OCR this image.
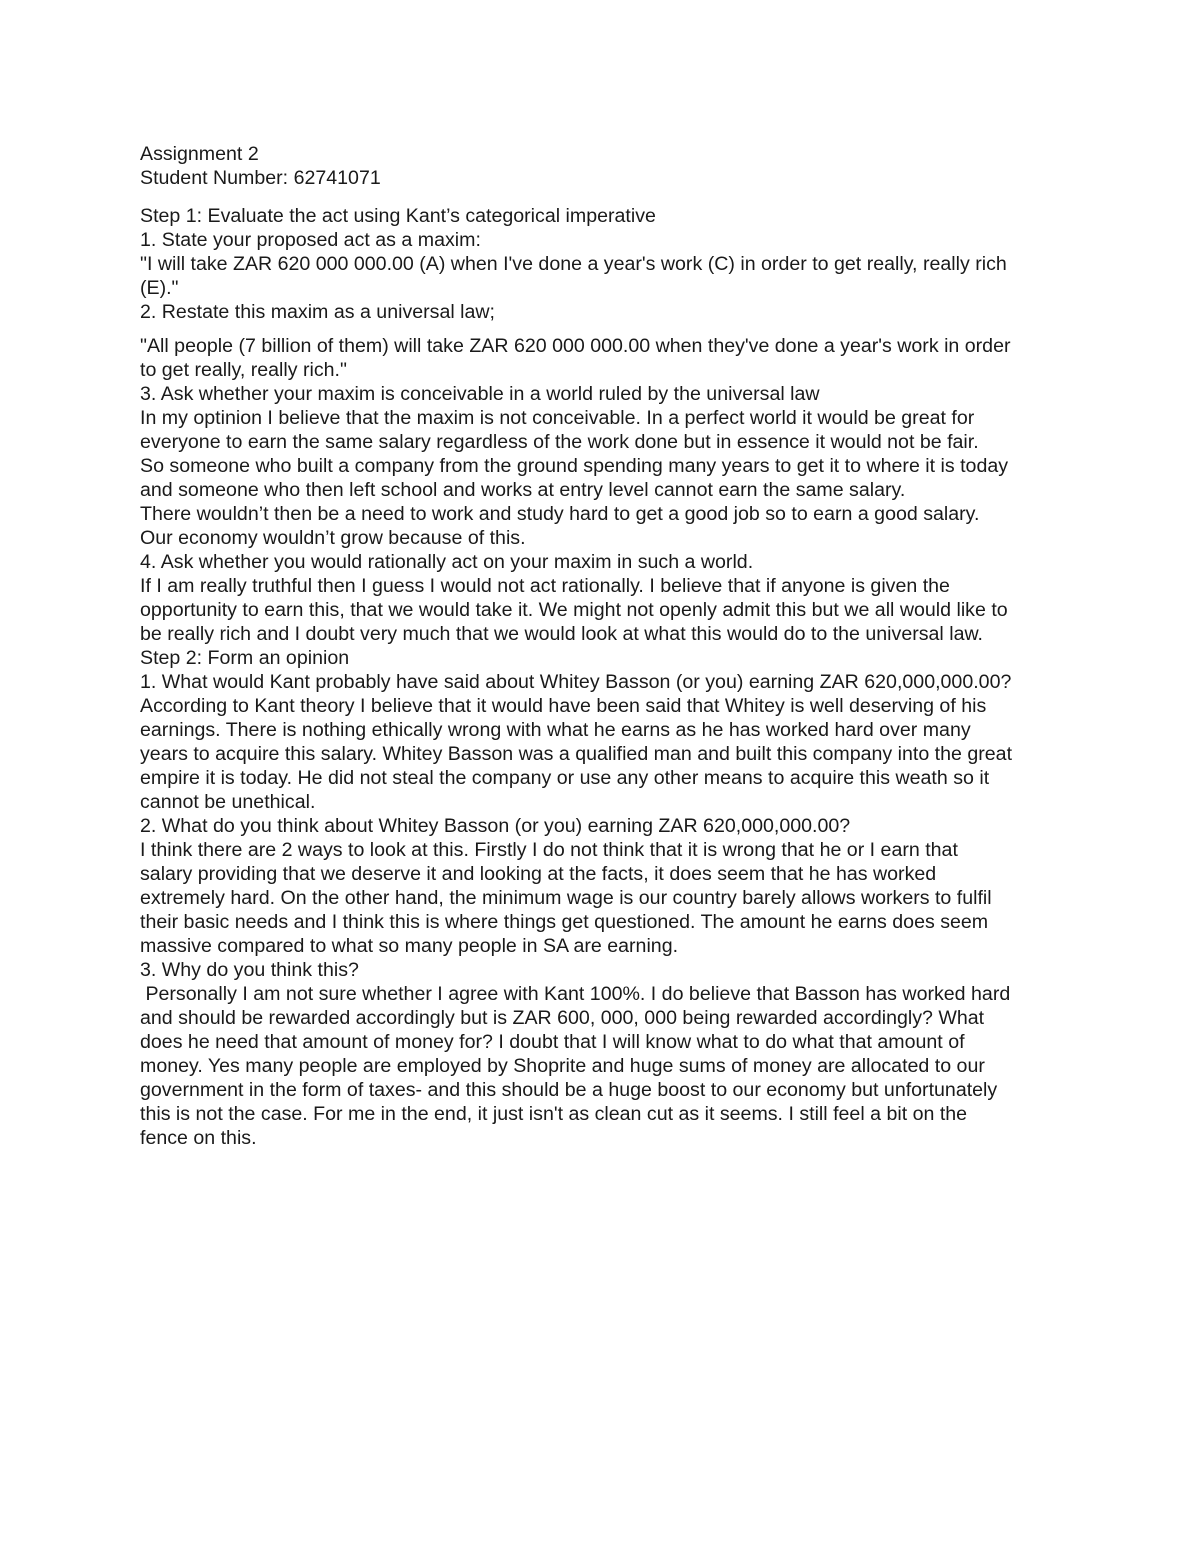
Assignment 2
Student Number: 62741071
Step 1: Evaluate the act using Kant’s categorical imperative
1. State your proposed act as a maxim:
"I will take ZAR 620 000 000.00 (A) when I've done a year's work (C) in order to get really, really rich
(E)."
2. Restate this maxim as a universal law;
"All people (7 billion of them) will take ZAR 620 000 000.00 when they've done a year's work in order
to get really, really rich."
3. Ask whether your maxim is conceivable in a world ruled by the universal law
In my optinion I believe that the maxim is not conceivable. In a perfect world it would be great for
everyone to earn the same salary regardless of the work done but in essence it would not be fair.
So someone who built a company from the ground spending many years to get it to where it is today
and someone who then left school and works at entry level cannot earn the same salary.
There wouldn’t then be a need to work and study hard to get a good job so to earn a good salary.
Our economy wouldn’t grow because of this.
4. Ask whether you would rationally act on your maxim in such a world.
If I am really truthful then I guess I would not act rationally. I believe that if anyone is given the
opportunity to earn this, that we would take it. We might not openly admit this but we all would like to
be really rich and I doubt very much that we would look at what this would do to the universal law.
Step 2: Form an opinion
1. What would Kant probably have said about Whitey Basson (or you) earning ZAR 620,000,000.00?
According to Kant theory I believe that it would have been said that Whitey is well deserving of his
earnings. There is nothing ethically wrong with what he earns as he has worked hard over many
years to acquire this salary. Whitey Basson was a qualified man and built this company into the great
empire it is today. He did not steal the company or use any other means to acquire this weath so it
cannot be unethical.
2. What do you think about Whitey Basson (or you) earning ZAR 620,000,000.00?
I think there are 2 ways to look at this. Firstly I do not think that it is wrong that he or I earn that
salary providing that we deserve it and looking at the facts, it does seem that he has worked
extremely hard. On the other hand, the minimum wage is our country barely allows workers to fulfil
their basic needs and I think this is where things get questioned. The amount he earns does seem
massive compared to what so many people in SA are earning.
3. Why do you think this?
Personally I am not sure whether I agree with Kant 100%. I do believe that Basson has worked hard
and should be rewarded accordingly but is ZAR 600, 000, 000 being rewarded accordingly? What
does he need that amount of money for? I doubt that I will know what to do what that amount of
money. Yes many people are employed by Shoprite and huge sums of money are allocated to our
government in the form of taxes- and this should be a huge boost to our economy but unfortunately
this is not the case. For me in the end, it just isn't as clean cut as it seems. I still feel a bit on the
fence on this.
